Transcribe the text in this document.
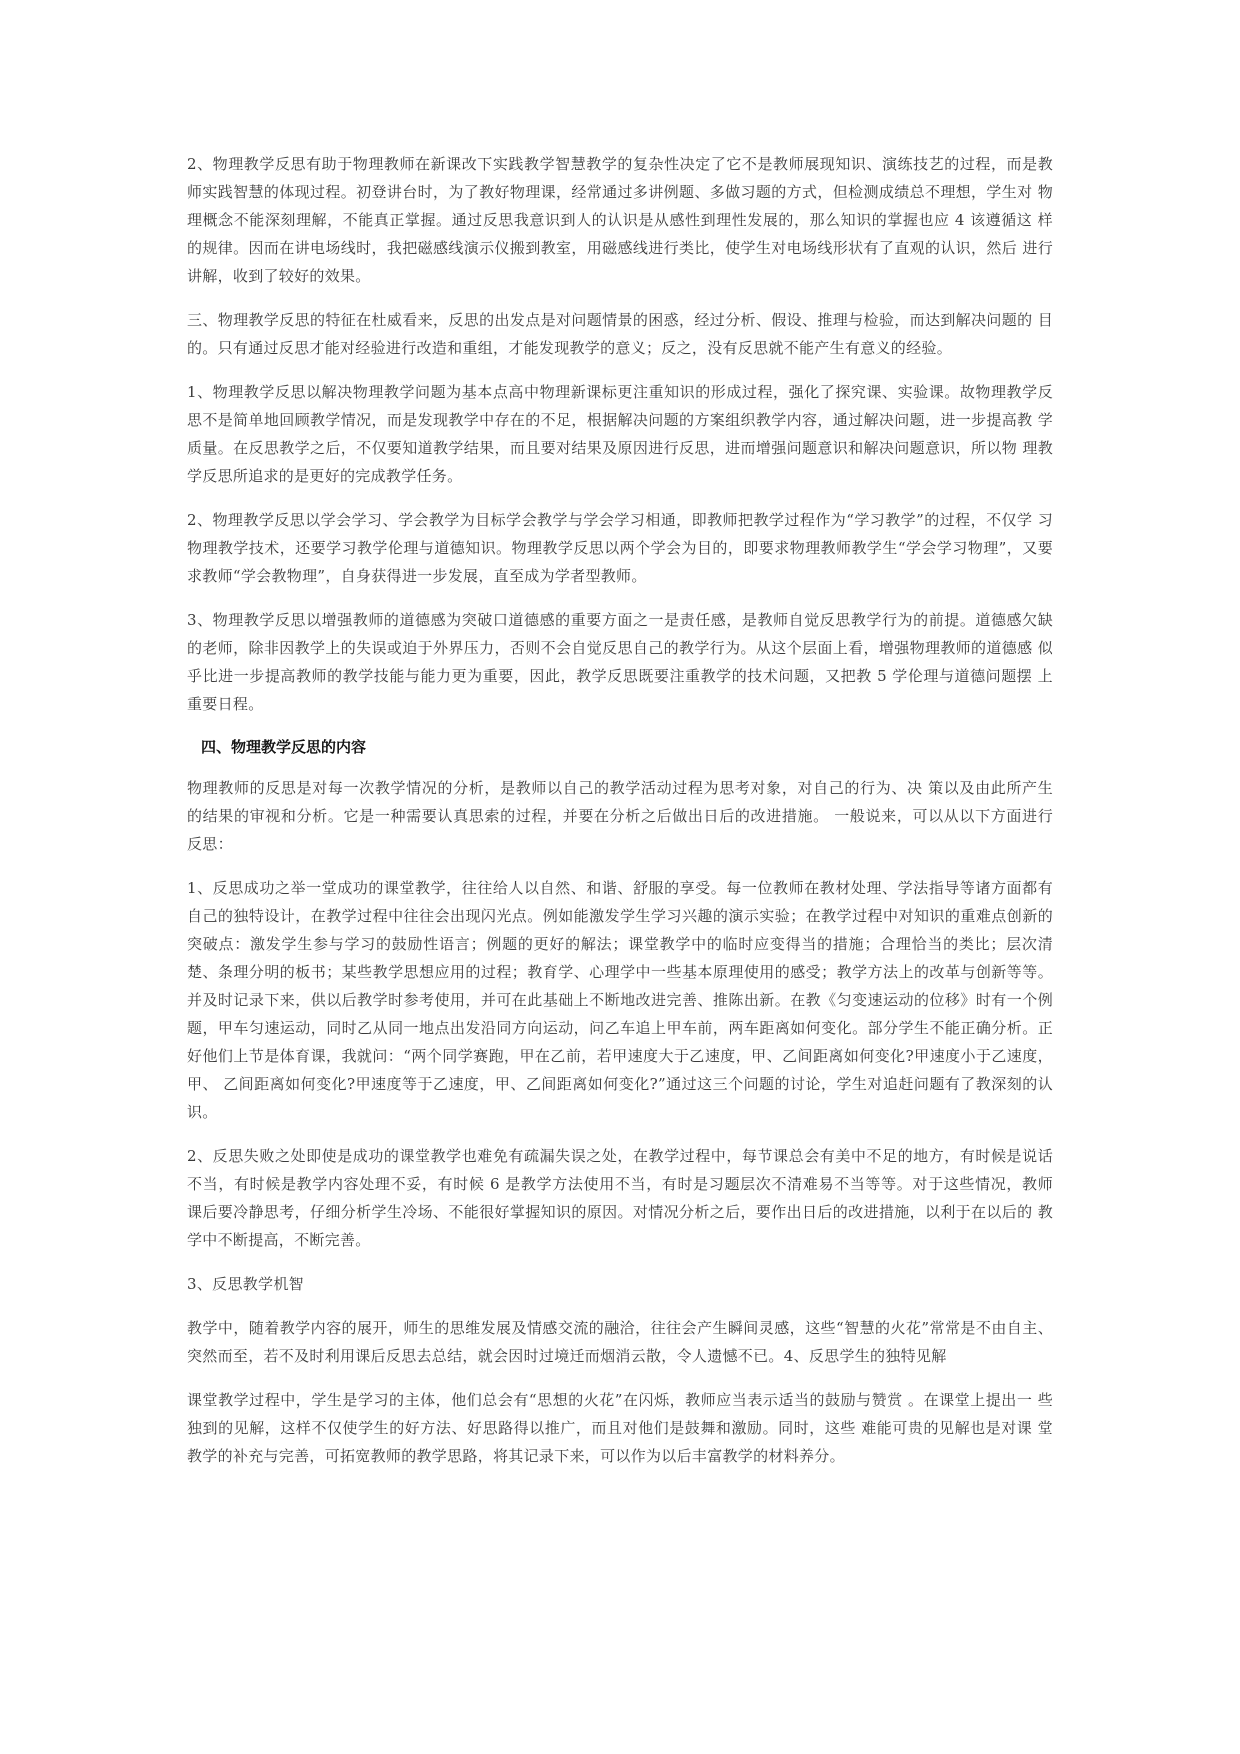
2、物理教学反思有助于物理教师在新课改下实践教学智慧教学的复杂性决定了它不是教师展现知识、演练技艺的过程，而是教 师实践智慧的体现过程。初登讲台时，为了教好物理课，经常通过多讲例题、多做习题的方式，但检测成绩总不理想，学生对 物理概念不能深刻理解，不能真正掌握。通过反思我意识到人的认识是从感性到理性发展的，那么知识的掌握也应 4 该遵循这 样的规律。因而在讲电场线时，我把磁感线演示仪搬到教室，用磁感线进行类比，使学生对电场线形状有了直观的认识，然后 进行讲解，收到了较好的效果。

三、物理教学反思的特征在杜威看来，反思的出发点是对问题情景的困惑，经过分析、假设、推理与检验，而达到解决问题的 目的。只有通过反思才能对经验进行改造和重组，才能发现教学的意义；反之，没有反思就不能产生有意义的经验。

1、物理教学反思以解决物理教学问题为基本点高中物理新课标更注重知识的形成过程，强化了探究课、实验课。故物理教学反 思不是简单地回顾教学情况，而是发现教学中存在的不足，根据解决问题的方案组织教学内容，通过解决问题，进一步提高教 学质量。在反思教学之后，不仅要知道教学结果，而且要对结果及原因进行反思，进而增强问题意识和解决问题意识，所以物 理教学反思所追求的是更好的完成教学任务。

2、物理教学反思以学会学习、学会教学为目标学会教学与学会学习相通，即教师把教学过程作为“学习教学”的过程，不仅学 习物理教学技术，还要学习教学伦理与道德知识。物理教学反思以两个学会为目的，即要求物理教师教学生“学会学习物理”，又要求教师“学会教物理”，自身获得进一步发展，直至成为学者型教师。

3、物理教学反思以增强教师的道德感为突破口道德感的重要方面之一是责任感，是教师自觉反思教学行为的前提。道德感欠缺 的老师，除非因教学上的失误或迫于外界压力，否则不会自觉反思自己的教学行为。从这个层面上看，增强物理教师的道德感 似乎比进一步提高教师的教学技能与能力更为重要，因此，教学反思既要注重教学的技术问题，又把教 5 学伦理与道德问题摆 上重要日程。

四、物理教学反思的内容

物理教师的反思是对每一次教学情况的分析，是教师以自己的教学活动过程为思考对象，对自己的行为、决 策以及由此所产生 的结果的审视和分析。它是一种需要认真思索的过程，并要在分析之后做出日后的改进措施。 一般说来，可以从以下方面进行 反思：

1、反思成功之举一堂成功的课堂教学，往往给人以自然、和谐、舒服的享受。每一位教师在教材处理、学法指导等诸方面都有自己的独特设计，在教学过程中往往会出现闪光点。例如能激发学生学习兴趣的演示实验；在教学过程中对知识的重难点创新的突破点：激发学生参与学习的鼓励性语言；例题的更好的解法；课堂教学中的临时应变得当的措施；合理恰当的类比；层次清楚、条理分明的板书；某些教学思想应用的过程；教育学、心理学中一些基本原理使用的感受；教学方法上的改革与创新等等。并及时记录下来，供以后教学时参考使用，并可在此基础上不断地改进完善、推陈出新。在教《匀变速运动的位移》时有一个例题，甲车匀速运动，同时乙从同一地点出发沿同方向运动，问乙车追上甲车前，两车距离如何变化。部分学生不能正确分析。正好他们上节是体育课，我就问：“两个同学赛跑，甲在乙前，若甲速度大于乙速度，甲、乙间距离如何变化?甲速度小于乙速度，甲、 乙间距离如何变化?甲速度等于乙速度，甲、乙间距离如何变化?”通过这三个问题的讨论，学生对追赶问题有了教深刻的认识。

2、反思失败之处即使是成功的课堂教学也难免有疏漏失误之处，在教学过程中，每节课总会有美中不足的地方，有时候是说话 不当，有时候是教学内容处理不妥，有时候 6 是教学方法使用不当，有时是习题层次不清难易不当等等。对于这些情况，教师 课后要冷静思考，仔细分析学生冷场、不能很好掌握知识的原因。对情况分析之后，要作出日后的改进措施，以利于在以后的 教学中不断提高，不断完善。

3、反思教学机智

教学中，随着教学内容的展开，师生的思维发展及情感交流的融洽，往往会产生瞬间灵感，这些“智慧的火花”常常是不由自主、突然而至，若不及时利用课后反思去总结，就会因时过境迁而烟消云散，令人遗憾不已。4、反思学生的独特见解

课堂教学过程中，学生是学习的主体，他们总会有“思想的火花”在闪烁，教师应当表示适当的鼓励与赞赏 。在课堂上提出一 些独到的见解，这样不仅使学生的好方法、好思路得以推广，而且对他们是鼓舞和激励。同时，这些 难能可贵的见解也是对课 堂教学的补充与完善，可拓宽教师的教学思路，将其记录下来，可以作为以后丰富教学的材料养分。
